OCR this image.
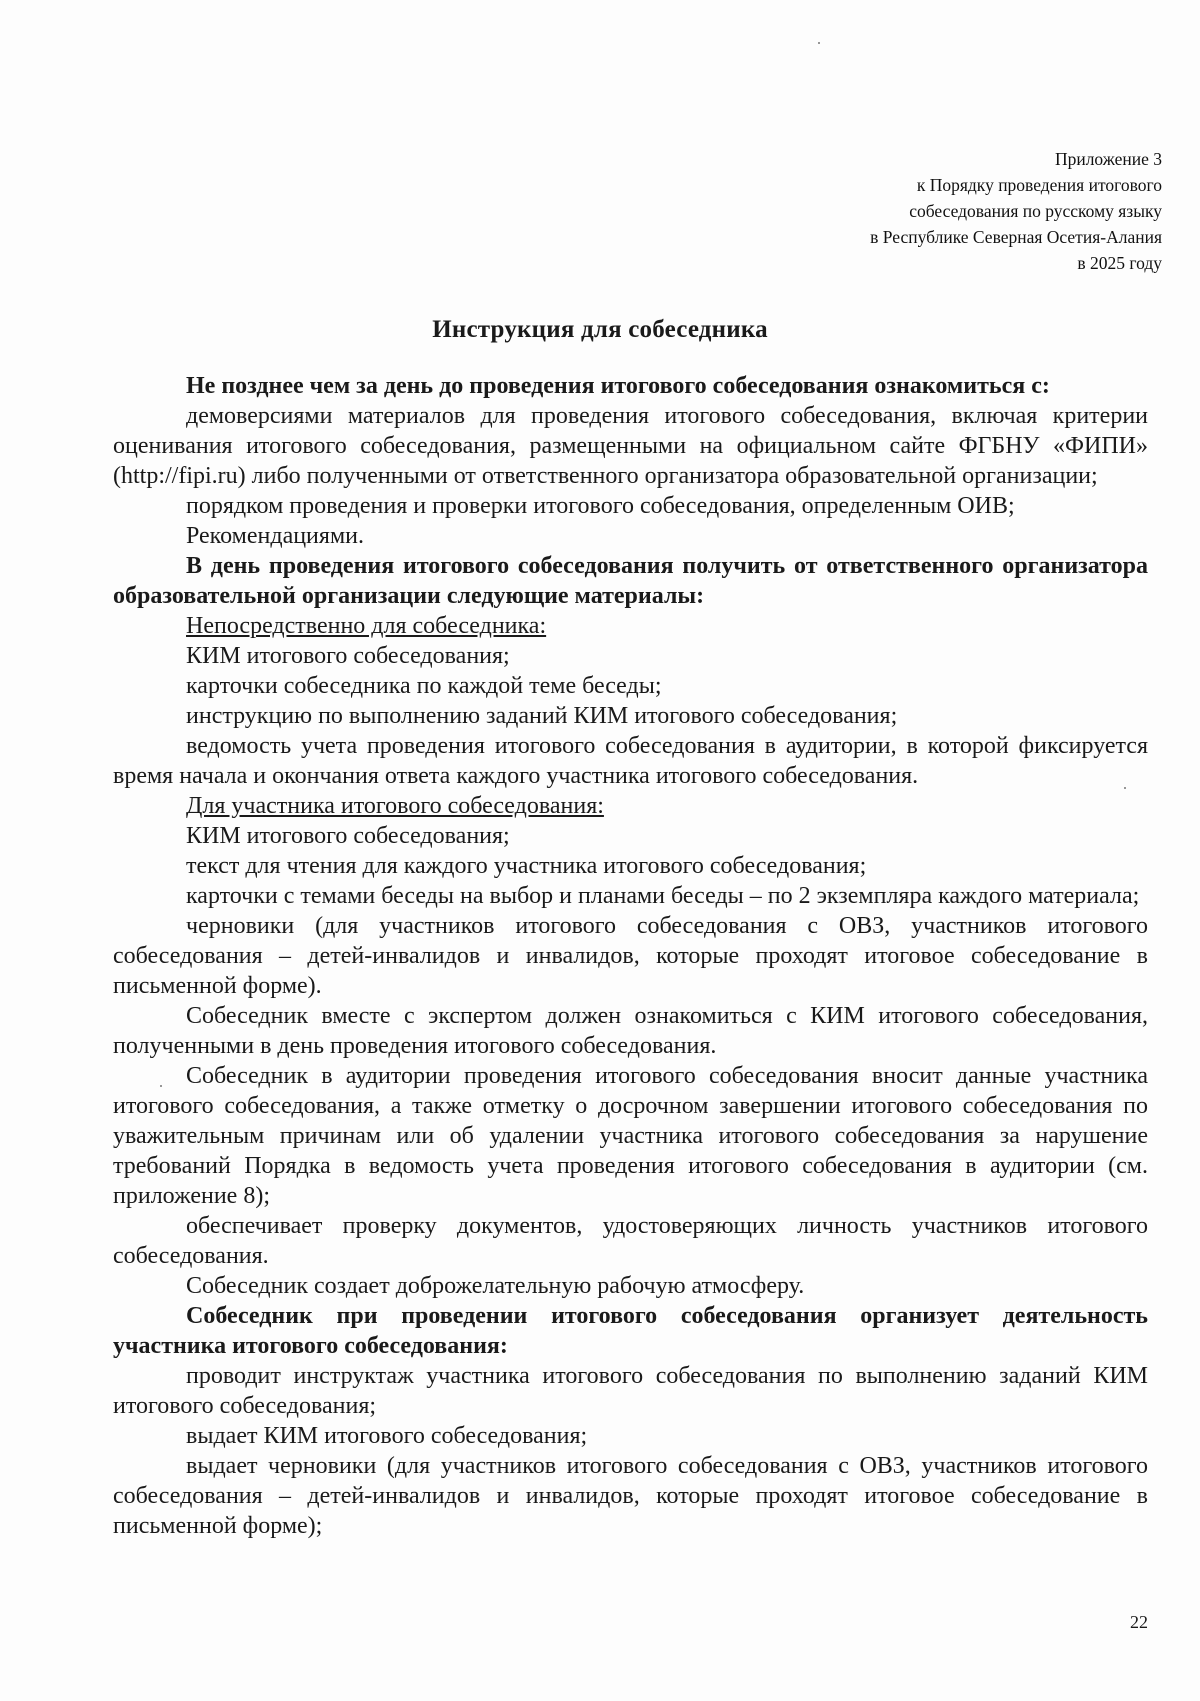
Приложение 3
к Порядку проведения итогового
собеседования по русскому языку
в Республике Северная Осетия-Алания
в 2025 году
Инструкция для собеседника

Не позднее чем за день до проведения итогового собеседования ознакомиться с:

демоверсиями материалов для проведения итогового собеседования, включая критерии оценивания итогового собеседования, размещенными на официальном сайте ФГБНУ «ФИПИ» (http://fipi.ru) либо полученными от ответственного организатора образовательной организации;

порядком проведения и проверки итогового собеседования, определенным ОИВ;

Рекомендациями.

В день проведения итогового собеседования получить от ответственного организатора образовательной организации следующие материалы:

Непосредственно для собеседника:

КИМ итогового собеседования;

карточки собеседника по каждой теме беседы;

инструкцию по выполнению заданий КИМ итогового собеседования;

ведомость учета проведения итогового собеседования в аудитории, в которой фиксируется время начала и окончания ответа каждого участника итогового собеседования.

Для участника итогового собеседования:

КИМ итогового собеседования;

текст для чтения для каждого участника итогового собеседования;

карточки с темами беседы на выбор и планами беседы – по 2 экземпляра каждого материала;

черновики (для участников итогового собеседования с ОВЗ, участников итогового собеседования – детей-инвалидов и инвалидов, которые проходят итоговое собеседование в письменной форме).

Собеседник вместе с экспертом должен ознакомиться с КИМ итогового собеседования, полученными в день проведения итогового собеседования.

Собеседник в аудитории проведения итогового собеседования вносит данные участника итогового собеседования, а также отметку о досрочном завершении итогового собеседования по уважительным причинам или об удалении участника итогового собеседования за нарушение требований Порядка в ведомость учета проведения итогового собеседования в аудитории (см. приложение 8);

обеспечивает проверку документов, удостоверяющих личность участников итогового собеседования.

Собеседник создает доброжелательную рабочую атмосферу.

Собеседник при проведении итогового собеседования организует деятельность участника итогового собеседования:

проводит инструктаж участника итогового собеседования по выполнению заданий КИМ итогового собеседования;

выдает КИМ итогового собеседования;

выдает черновики (для участников итогового собеседования с ОВЗ, участников итогового собеседования – детей-инвалидов и инвалидов, которые проходят итоговое собеседование в письменной форме);

22
